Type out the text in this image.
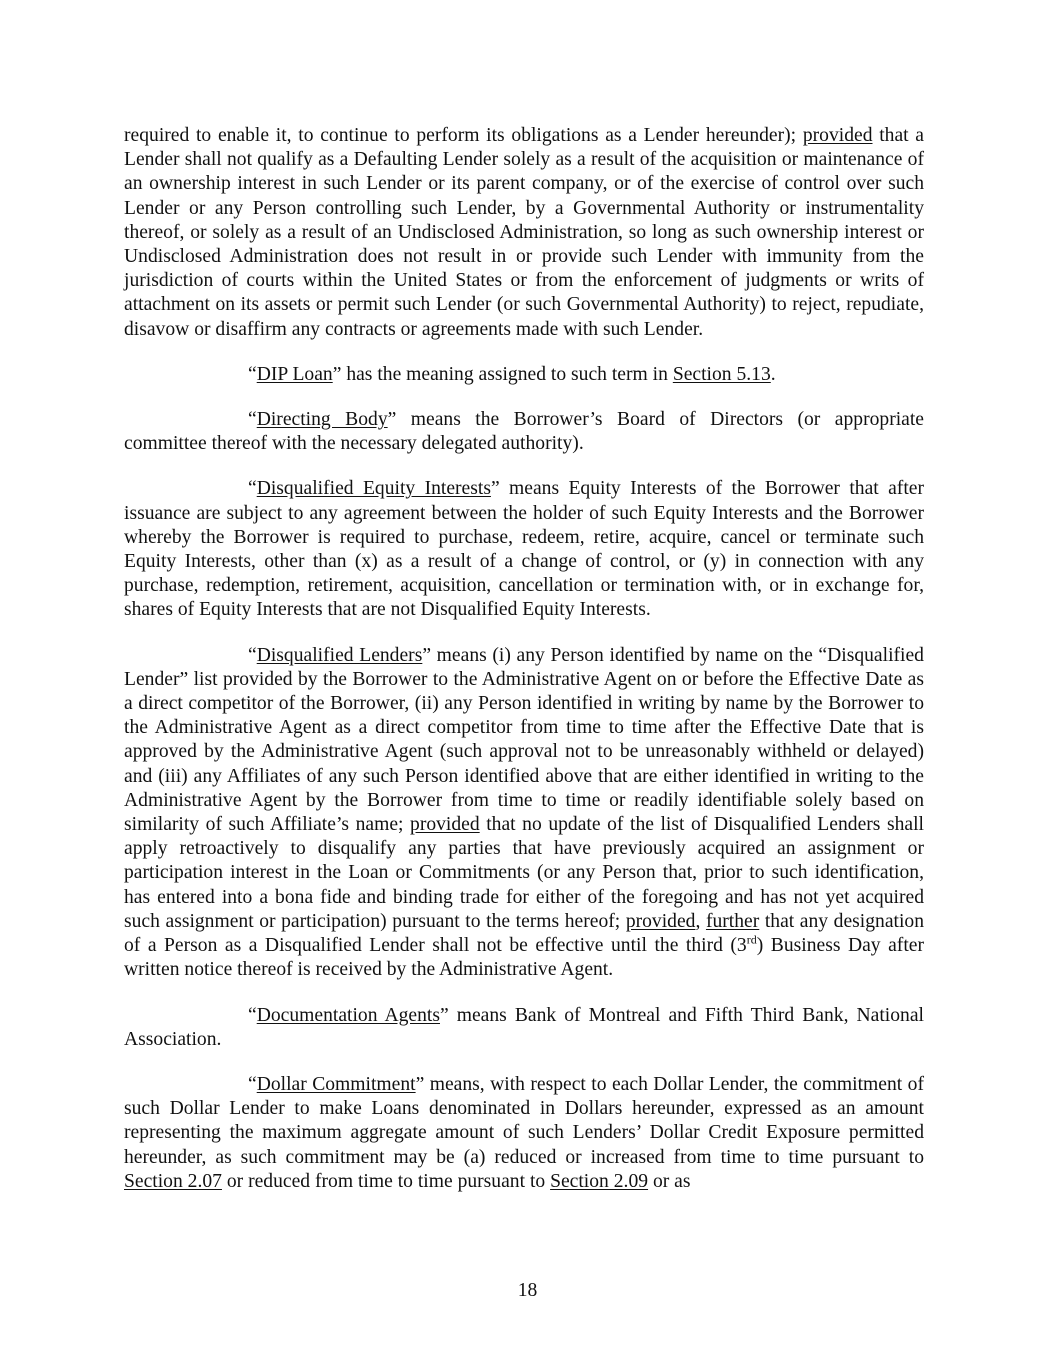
required to enable it, to continue to perform its obligations as a Lender hereunder); provided that a Lender shall not qualify as a Defaulting Lender solely as a result of the acquisition or maintenance of an ownership interest in such Lender or its parent company, or of the exercise of control over such Lender or any Person controlling such Lender, by a Governmental Authority or instrumentality thereof, or solely as a result of an Undisclosed Administration, so long as such ownership interest or Undisclosed Administration does not result in or provide such Lender with immunity from the jurisdiction of courts within the United States or from the enforcement of judgments or writs of attachment on its assets or permit such Lender (or such Governmental Authority) to reject, repudiate, disavow or disaffirm any contracts or agreements made with such Lender.

“DIP Loan” has the meaning assigned to such term in Section 5.13.

“Directing Body” means the Borrower’s Board of Directors (or appropriate committee thereof with the necessary delegated authority).

“Disqualified Equity Interests” means Equity Interests of the Borrower that after issuance are subject to any agreement between the holder of such Equity Interests and the Borrower whereby the Borrower is required to purchase, redeem, retire, acquire, cancel or terminate such Equity Interests, other than (x) as a result of a change of control, or (y) in connection with any purchase, redemption, retirement, acquisition, cancellation or termination with, or in exchange for, shares of Equity Interests that are not Disqualified Equity Interests.

“Disqualified Lenders” means (i) any Person identified by name on the “Disqualified Lender” list provided by the Borrower to the Administrative Agent on or before the Effective Date as a direct competitor of the Borrower, (ii) any Person identified in writing by name by the Borrower to the Administrative Agent as a direct competitor from time to time after the Effective Date that is approved by the Administrative Agent (such approval not to be unreasonably withheld or delayed) and (iii) any Affiliates of any such Person identified above that are either identified in writing to the Administrative Agent by the Borrower from time to time or readily identifiable solely based on similarity of such Affiliate’s name; provided that no update of the list of Disqualified Lenders shall apply retroactively to disqualify any parties that have previously acquired an assignment or participation interest in the Loan or Commitments (or any Person that, prior to such identification, has entered into a bona fide and binding trade for either of the foregoing and has not yet acquired such assignment or participation) pursuant to the terms hereof; provided, further that any designation of a Person as a Disqualified Lender shall not be effective until the third (3rd) Business Day after written notice thereof is received by the Administrative Agent.

“Documentation Agents” means Bank of Montreal and Fifth Third Bank, National Association.

“Dollar Commitment” means, with respect to each Dollar Lender, the commitment of such Dollar Lender to make Loans denominated in Dollars hereunder, expressed as an amount representing the maximum aggregate amount of such Lenders’ Dollar Credit Exposure permitted hereunder, as such commitment may be (a) reduced or increased from time to time pursuant to Section 2.07 or reduced from time to time pursuant to Section 2.09 or as

18
